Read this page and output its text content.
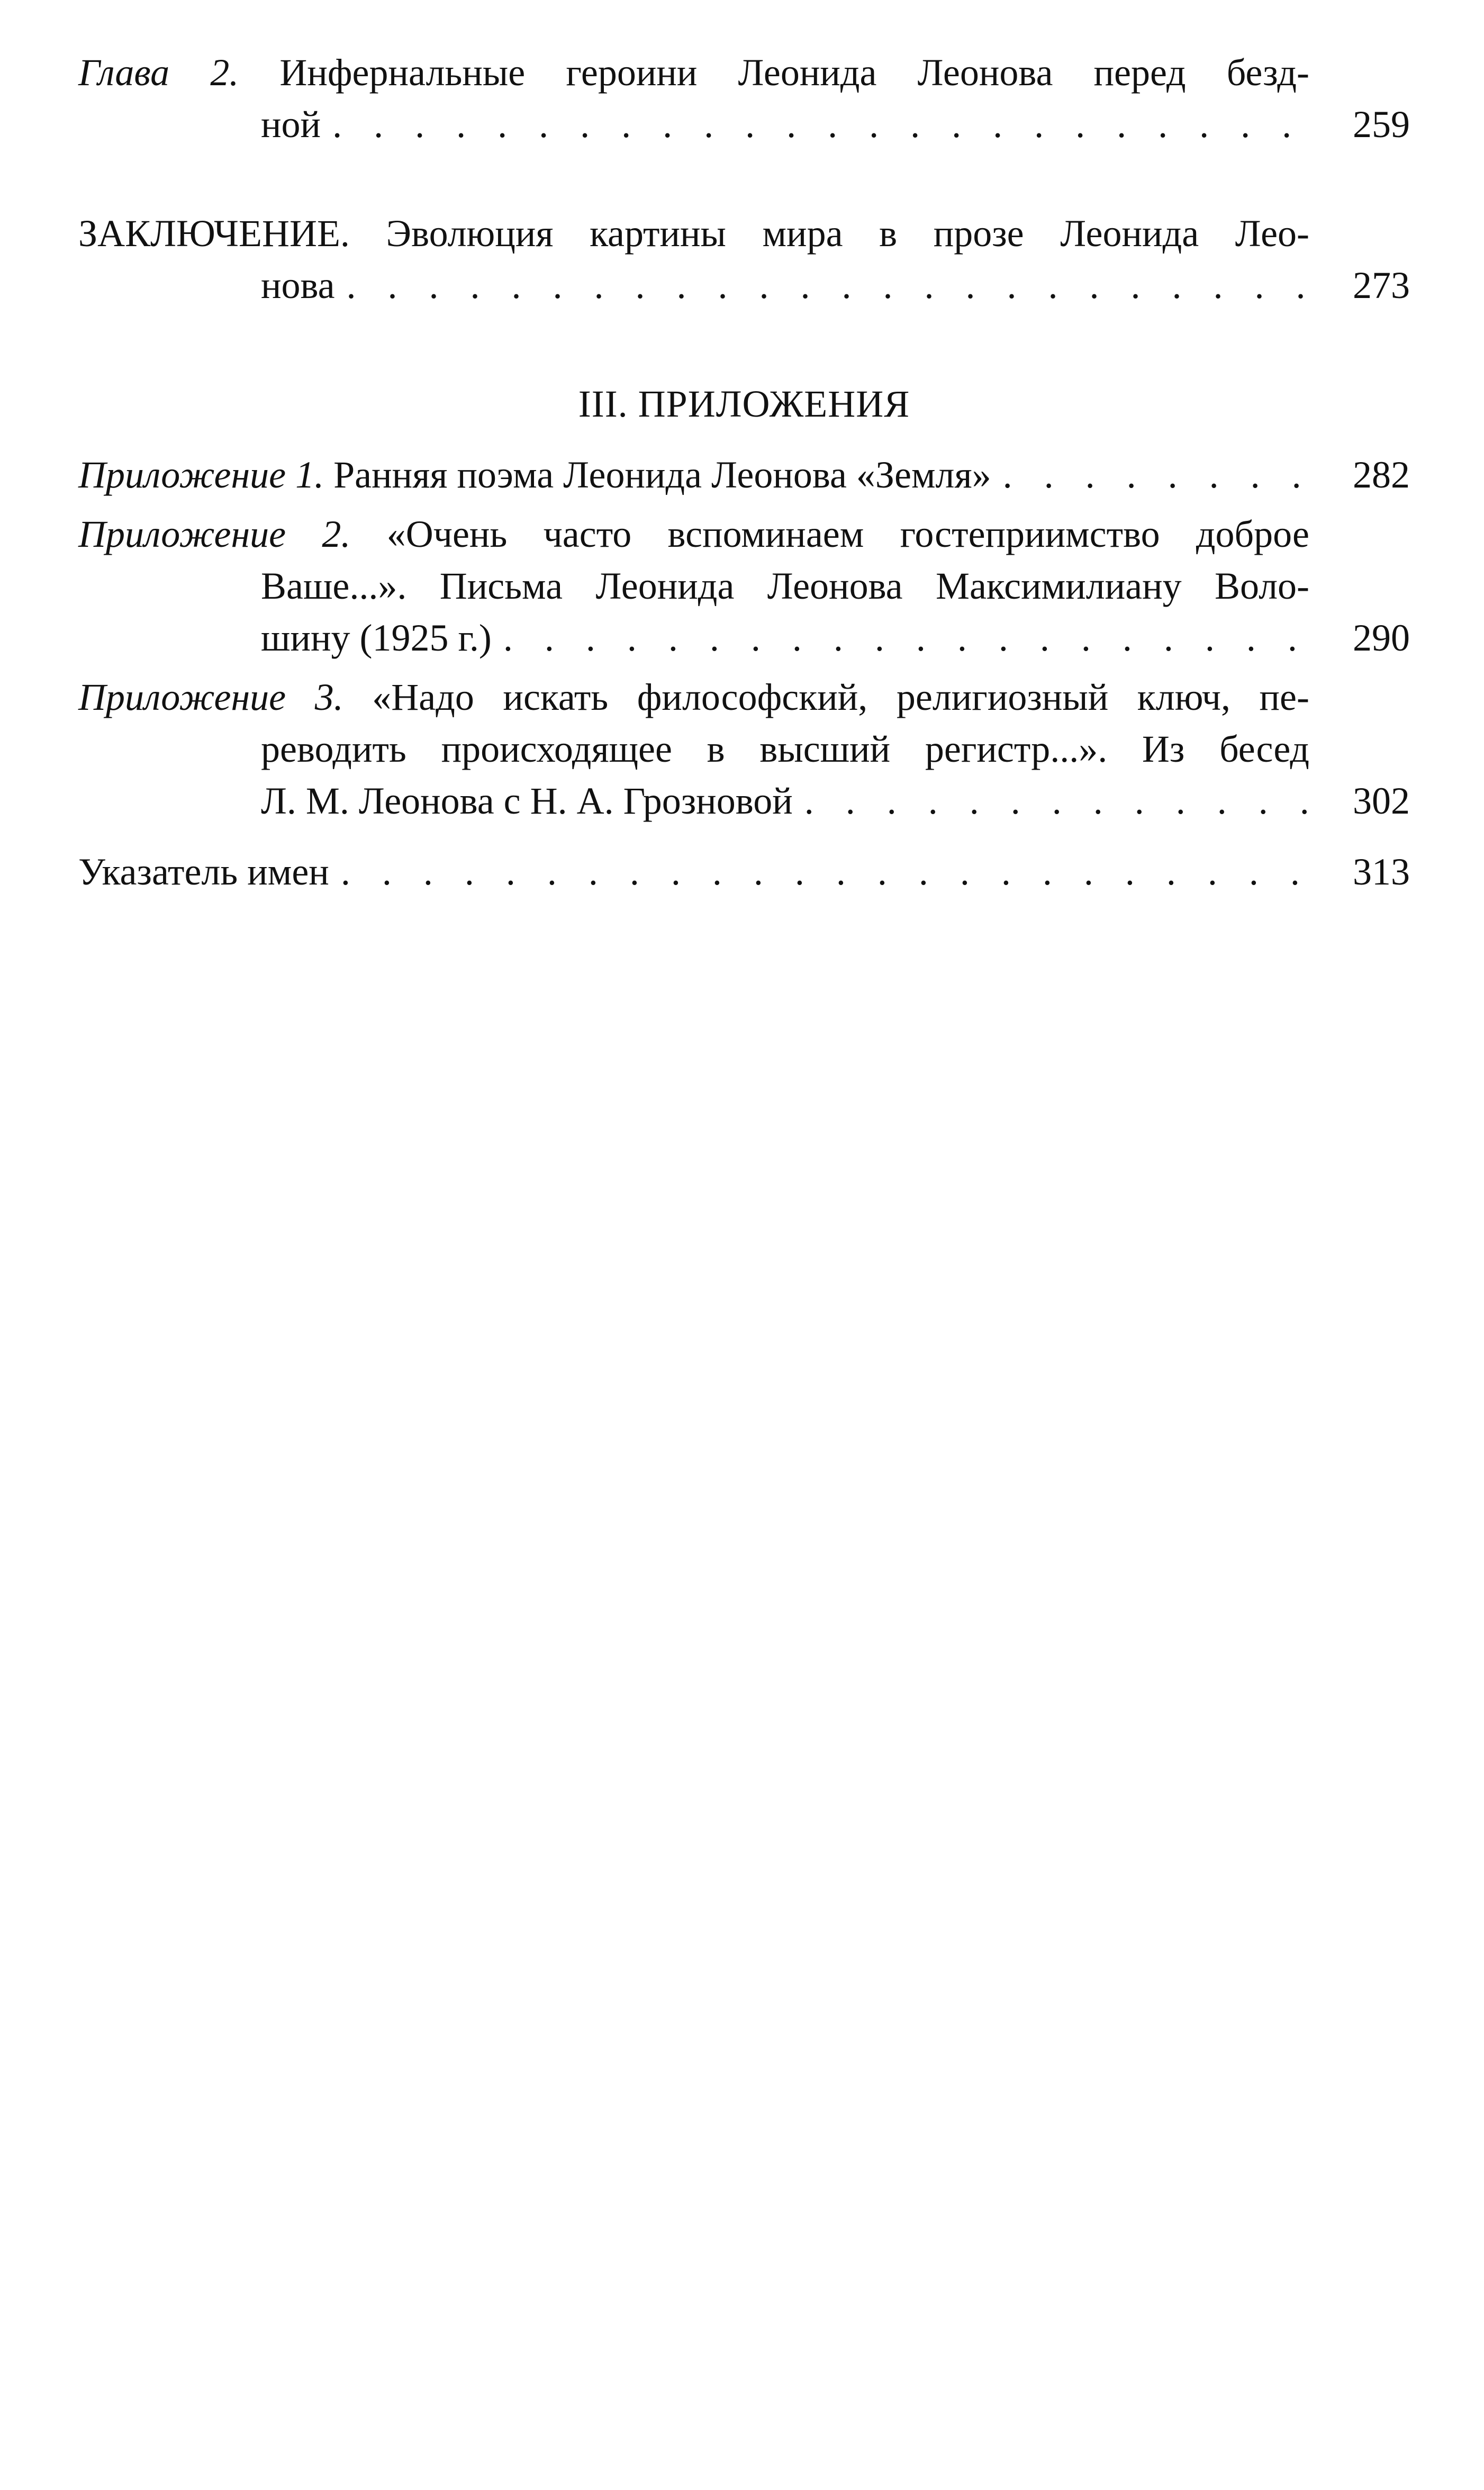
Глава 2. Инфернальные героини Леонида Леонова перед безд-
ной . . .	259
ЗАКЛЮЧЕНИЕ. Эволюция картины мира в прозе Леонида Лео-
нова . . .	273
III. ПРИЛОЖЕНИЯ
Приложение 1. Ранняя поэма Леонида Леонова «Земля» . . .	282
Приложение 2. «Очень часто вспоминаем гостеприимство доброе
Ваше...». Письма Леонида Леонова Максимилиану Воло-
шину (1925 г.) . . .	290
Приложение 3. «Надо искать философский, религиозный ключ, пе-
реводить происходящее в высший регистр...». Из бесед
Л. М. Леонова с Н. А. Грозновой . . .	302
Указатель имен . . .	313
